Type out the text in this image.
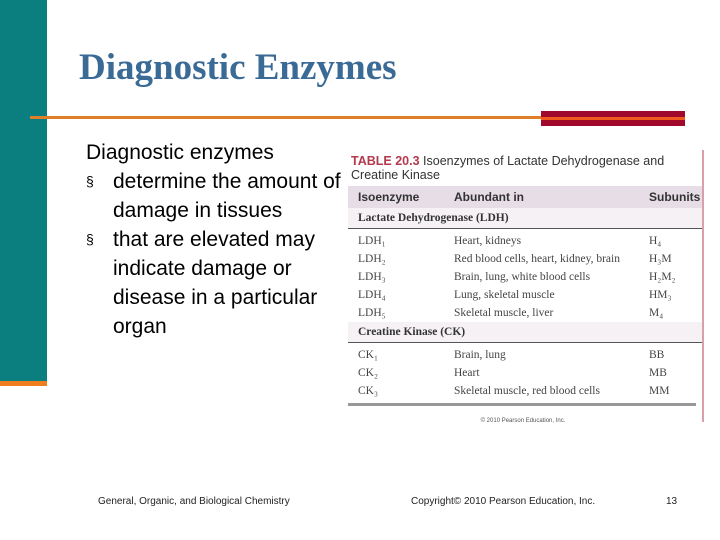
Diagnostic Enzymes
Diagnostic enzymes
§ determine the amount of damage in tissues
§ that are elevated may indicate damage or disease in a particular organ
TABLE 20.3 Isoenzymes of Lactate Dehydrogenase and Creatine Kinase
Isoenzyme	Abundant in	Subunits
Lactate Dehydrogenase (LDH)
LDH₁	Heart, kidneys	H₄
LDH₂	Red blood cells, heart, kidney, brain	H₃M
LDH₃	Brain, lung, white blood cells	H₂M₂
LDH₄	Lung, skeletal muscle	HM₃
LDH₅	Skeletal muscle, liver	M₄
Creatine Kinase (CK)
CK₁	Brain, lung	BB
CK₂	Heart	MB
CK₃	Skeletal muscle, red blood cells	MM
© 2010 Pearson Education, Inc.
General, Organic, and Biological Chemistry	Copyright© 2010 Pearson Education, Inc.	13
